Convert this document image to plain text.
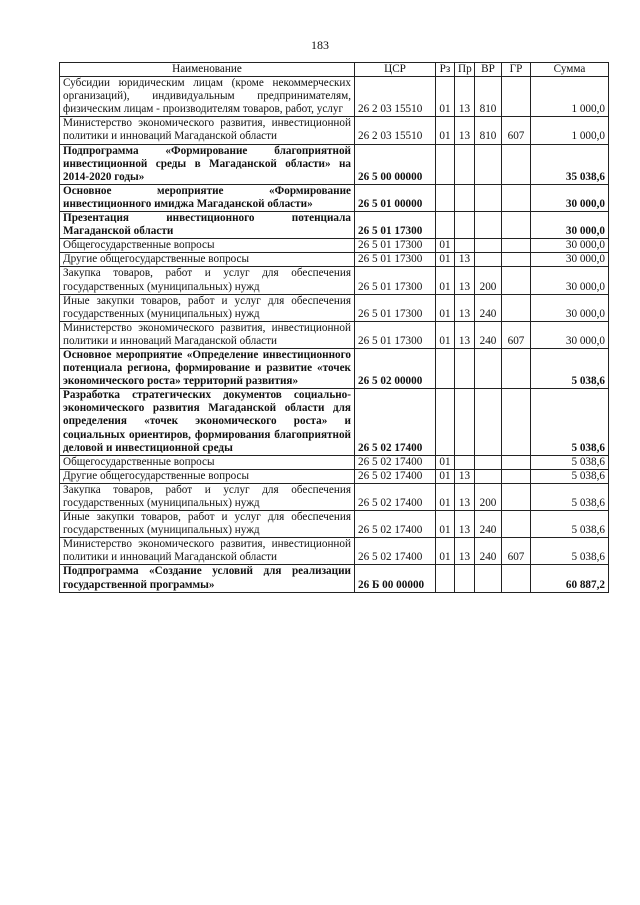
183
Наименование	ЦСР	Рз	Пр	ВР	ГР	Сумма
Субсидии юридическим лицам (кроме некоммерческих организаций), индивидуальным предпринимателям, физическим лицам - производителям товаров, работ, услуг	26 2 03 15510	01	13	810		1 000,0
Министерство экономического развития, инвестиционной политики и инноваций Магаданской области	26 2 03 15510	01	13	810	607	1 000,0
Подпрограмма «Формирование благоприятной инвестиционной среды в Магаданской области» на 2014-2020 годы»	26 5 00 00000					35 038,6
Основное мероприятие «Формирование инвестиционного имиджа Магаданской области»	26 5 01 00000					30 000,0
Презентация инвестиционного потенциала Магаданской области	26 5 01 17300					30 000,0
Общегосударственные вопросы	26 5 01 17300	01				30 000,0
Другие общегосударственные вопросы	26 5 01 17300	01	13			30 000,0
Закупка товаров, работ и услуг для обеспечения государственных (муниципальных) нужд	26 5 01 17300	01	13	200		30 000,0
Иные закупки товаров, работ и услуг для обеспечения государственных (муниципальных) нужд	26 5 01 17300	01	13	240		30 000,0
Министерство экономического развития, инвестиционной политики и инноваций Магаданской области	26 5 01 17300	01	13	240	607	30 000,0
Основное мероприятие «Определение инвестиционного потенциала региона, формирование и развитие «точек экономического роста» территорий развития»	26 5 02 00000					5 038,6
Разработка стратегических документов социально-экономического развития Магаданской области для определения «точек экономического роста» и социальных ориентиров, формирования благоприятной деловой и инвестиционной среды	26 5 02 17400					5 038,6
Общегосударственные вопросы	26 5 02 17400	01				5 038,6
Другие общегосударственные вопросы	26 5 02 17400	01	13			5 038,6
Закупка товаров, работ и услуг для обеспечения государственных (муниципальных) нужд	26 5 02 17400	01	13	200		5 038,6
Иные закупки товаров, работ и услуг для обеспечения государственных (муниципальных) нужд	26 5 02 17400	01	13	240		5 038,6
Министерство экономического развития, инвестиционной политики и инноваций Магаданской области	26 5 02 17400	01	13	240	607	5 038,6
Подпрограмма «Создание условий для реализации государственной программы»	26 Б 00 00000					60 887,2
